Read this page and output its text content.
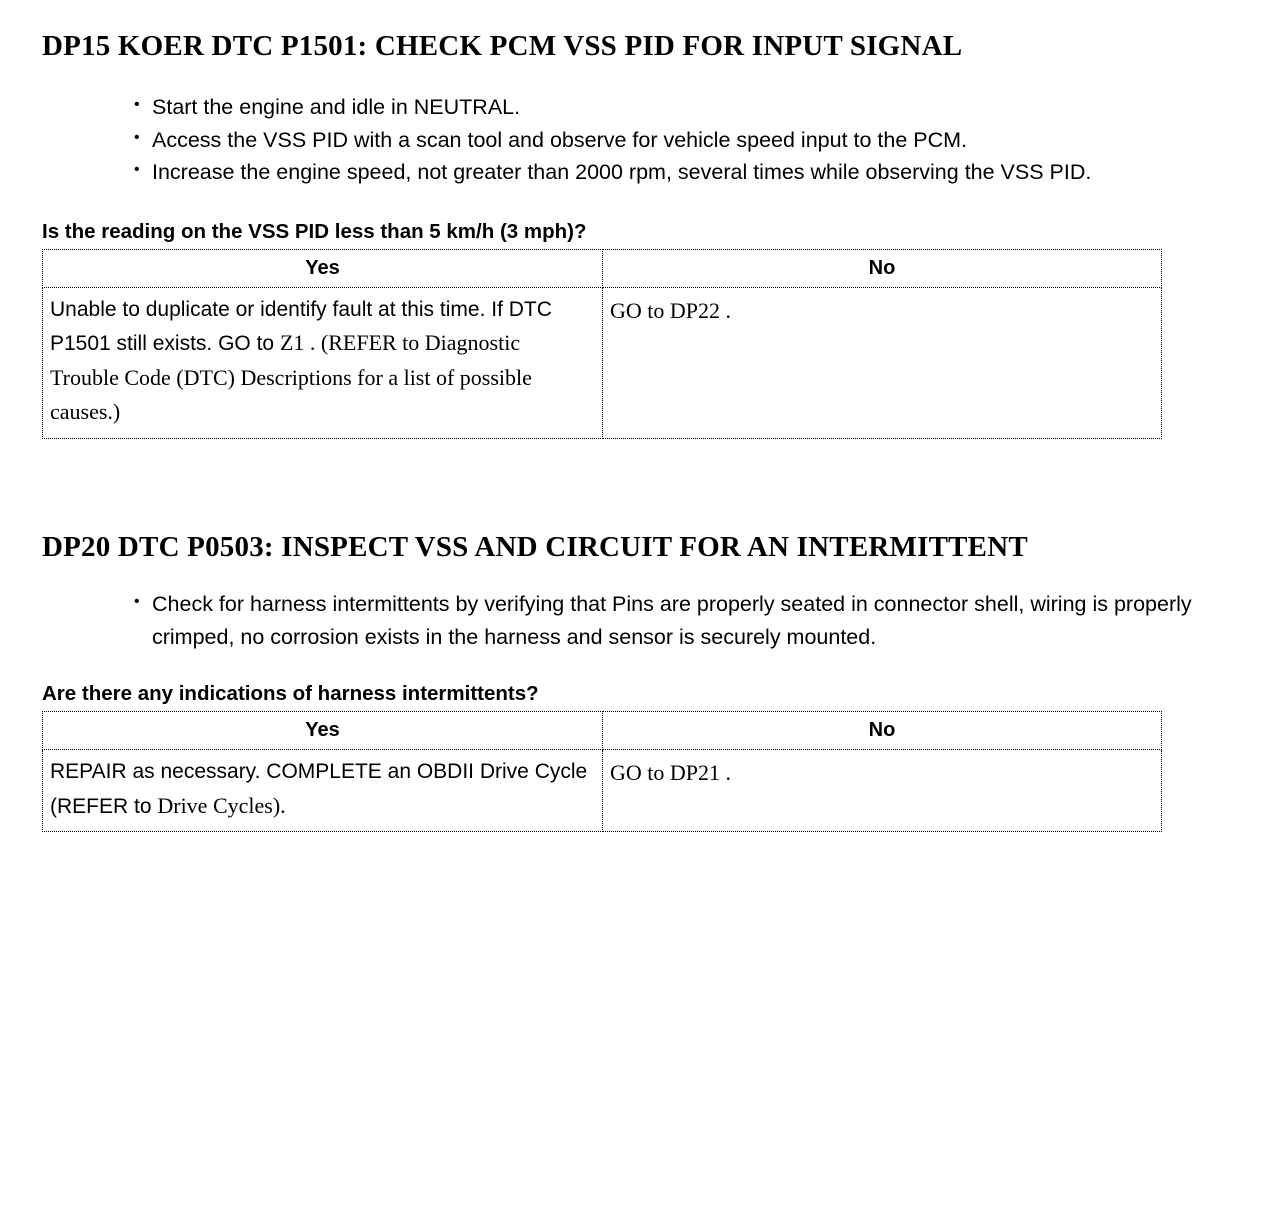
DP15 KOER DTC P1501: CHECK PCM VSS PID FOR INPUT SIGNAL
• Start the engine and idle in NEUTRAL.
• Access the VSS PID with a scan tool and observe for vehicle speed input to the PCM.
• Increase the engine speed, not greater than 2000 rpm, several times while observing the VSS PID.
Is the reading on the VSS PID less than 5 km/h (3 mph)?
Yes	No
Unable to duplicate or identify fault at this time. If DTC P1501 still exists. GO to Z1 . (REFER to Diagnostic Trouble Code (DTC) Descriptions for a list of possible causes.)	GO to DP22 .
DP20 DTC P0503: INSPECT VSS AND CIRCUIT FOR AN INTERMITTENT
• Check for harness intermittents by verifying that Pins are properly seated in connector shell, wiring is properly crimped, no corrosion exists in the harness and sensor is securely mounted.
Are there any indications of harness intermittents?
Yes	No
REPAIR as necessary. COMPLETE an OBDII Drive Cycle (REFER to Drive Cycles).	GO to DP21 .
